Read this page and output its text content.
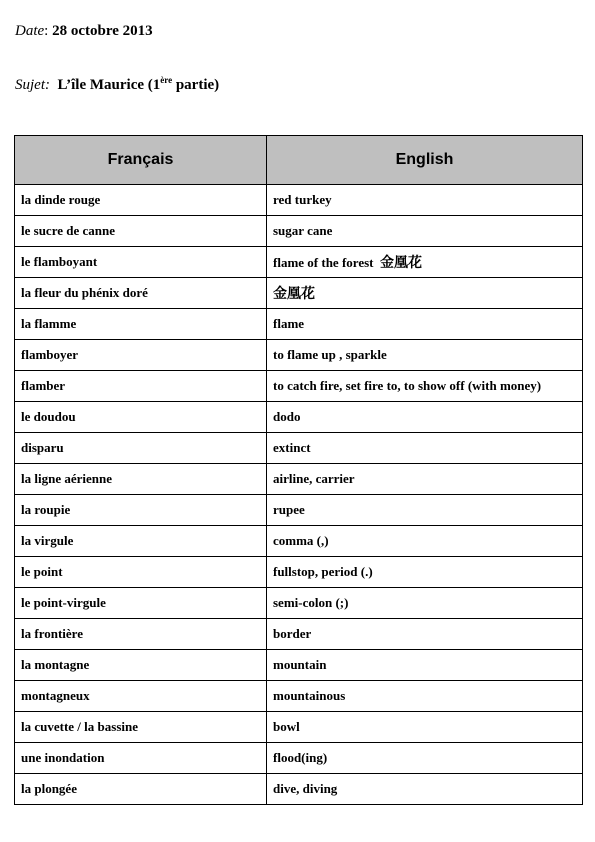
Date: 28 octobre 2013
Sujet: L’île Maurice (1ère partie)
Français	English
la dinde rouge	red turkey
le sucre de canne	sugar cane
le flamboyant	flame of the forest 金凰花
la fleur du phénix doré	金凰花
la flamme	flame
flamboyer	to flame up , sparkle
flamber	to catch fire, set fire to, to show off (with money)
le doudou	dodo
disparu	extinct
la ligne aérienne	airline, carrier
la roupie	rupee
la virgule	comma (,)
le point	fullstop, period (.)
le point-virgule	semi-colon (;)
la frontière	border
la montagne	mountain
montagneux	mountainous
la cuvette / la bassine	bowl
une inondation	flood(ing)
la plongée	dive, diving
